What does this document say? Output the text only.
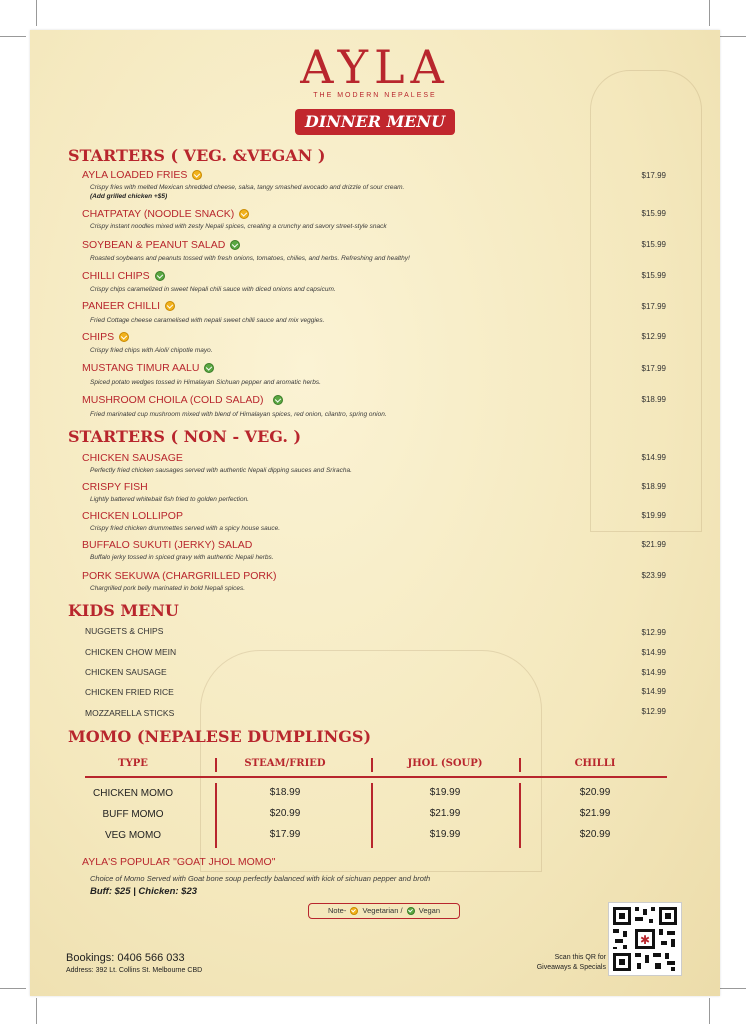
AYLA
THE MODERN NEPALESE
DINNER MENU
STARTERS ( VEG. &VEGAN )
AYLA LOADED FRIES
Crispy fries with melted Mexican shredded cheese, salsa, tangy smashed avocado and drizzle of sour cream.
(Add grilled chicken +$5)
$17.99
CHATPATAY (NOODLE SNACK)
Crispy instant noodles mixed with zesty Nepali spices, creating a crunchy and savory street-style snack
$15.99
SOYBEAN & PEANUT SALAD
Roasted soybeans and peanuts tossed with fresh onions, tomatoes, chilies, and herbs. Refreshing and healthy!
$15.99
CHILLI CHIPS
Crispy chips caramelized in sweet Nepali chili sauce with diced onions and capsicum.
$15.99
PANEER CHILLI
Fried Cottage cheese caramelised with nepali sweet chilli sauce and mix veggies.
$17.99
CHIPS
Crispy fried chips with Aioli/ chipotle mayo.
$12.99
MUSTANG TIMUR AALU
Spiced potato wedges tossed in Himalayan Sichuan pepper and aromatic herbs.
$17.99
MUSHROOM CHOILA (COLD SALAD)
Fried marinated cup mushroom mixed with blend of Himalayan spices, red onion, cilantro, spring onion.
$18.99
STARTERS ( NON - VEG. )
CHICKEN SAUSAGE
Perfectly fried chicken sausages served with authentic Nepali dipping sauces and Sriracha.
$14.99
CRISPY FISH
Lightly battered whitebait fish fried to golden perfection.
$18.99
CHICKEN LOLLIPOP
Crispy fried chicken drummettes served with a spicy house sauce.
$19.99
BUFFALO SUKUTI (JERKY) SALAD
Buffalo jerky tossed in spiced gravy with authentic Nepali herbs.
$21.99
PORK SEKUWA (CHARGRILLED PORK)
Chargrilled pork belly marinated in bold Nepali spices.
$23.99
KIDS MENU
NUGGETS & CHIPS	$12.99
CHICKEN CHOW MEIN	$14.99
CHICKEN SAUSAGE	$14.99
CHICKEN FRIED RICE	$14.99
MOZZARELLA STICKS	$12.99
MOMO (NEPALESE DUMPLINGS)
TYPE	STEAM/FRIED	JHOL (SOUP)	CHILLI
CHICKEN MOMO	$18.99	$19.99	$20.99
BUFF MOMO	$20.99	$21.99	$21.99
VEG MOMO	$17.99	$19.99	$20.99
AYLA'S POPULAR "GOAT JHOL MOMO"
Choice of Momo Served with Goat bone soup perfectly balanced with kick of sichuan pepper and broth
Buff: $25 | Chicken: $23
Note- Vegetarian / Vegan
Bookings: 0406 566 033
Address: 392 Lt. Collins St. Melbourne CBD
Scan this QR for
Giveaways & Specials
✱
